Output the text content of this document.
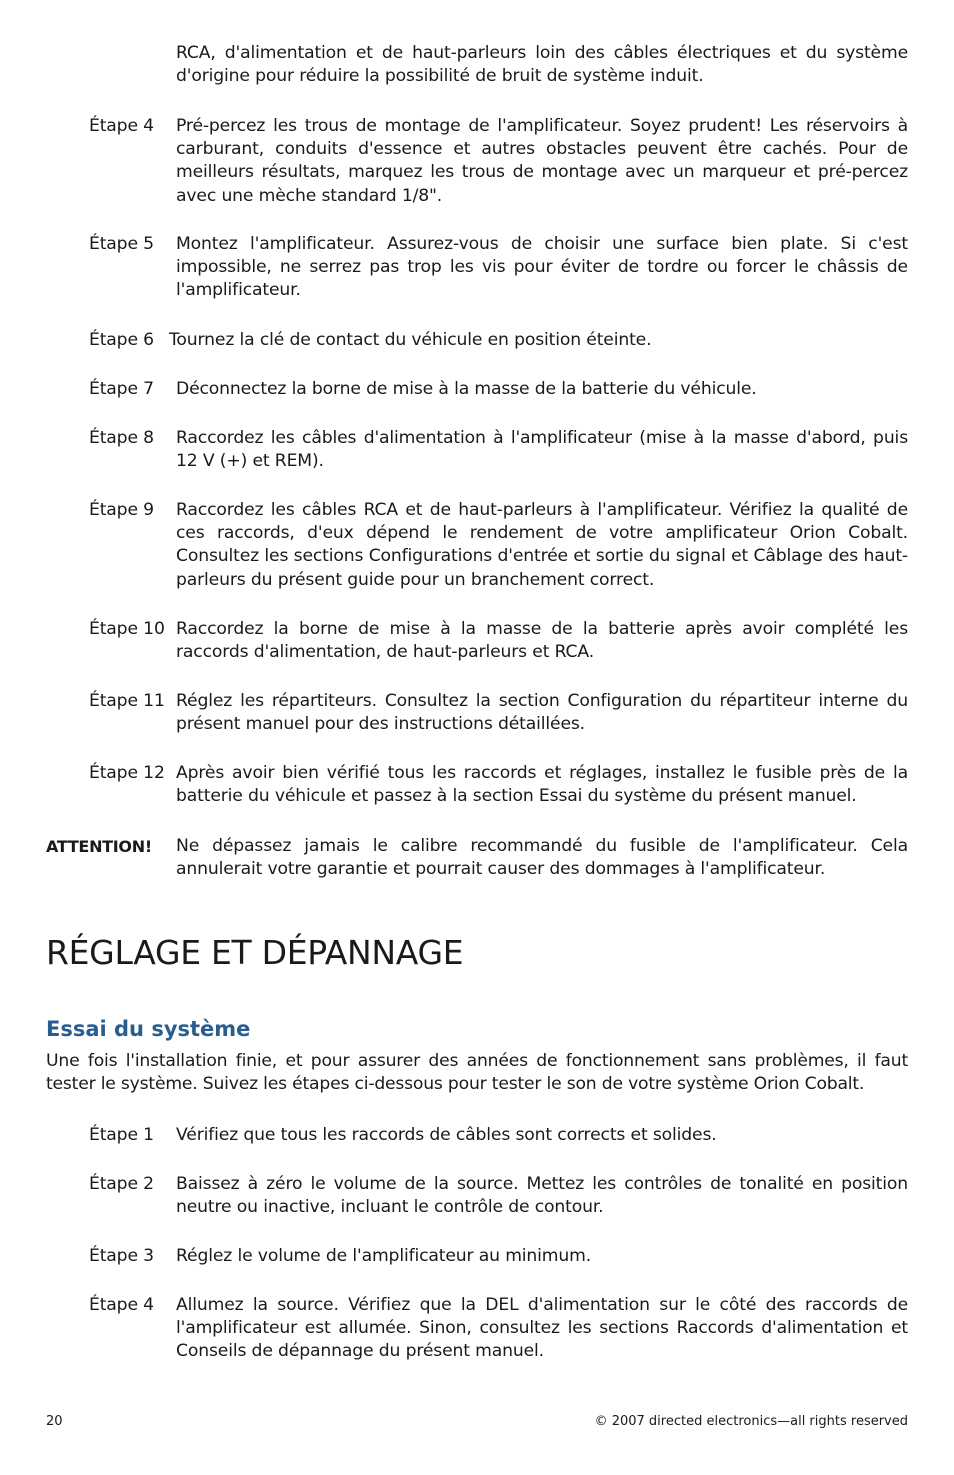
RCA, d'alimentation et de haut-parleurs loin des câbles électriques et du système d'origine pour réduire la possibilité de bruit de système induit.
Étape 4 Pré-percez les trous de montage de l'amplificateur. Soyez prudent! Les réservoirs à carburant, conduits d'essence et autres obstacles peuvent être cachés. Pour de meilleurs résultats, marquez les trous de montage avec un marqueur et pré-percez avec une mèche standard 1/8".
Étape 5 Montez l'amplificateur. Assurez-vous de choisir une surface bien plate. Si c'est impossible, ne serrez pas trop les vis pour éviter de tordre ou forcer le châssis de l'amplificateur.
Étape 6 Tournez la clé de contact du véhicule en position éteinte.
Étape 7 Déconnectez la borne de mise à la masse de la batterie du véhicule.
Étape 8 Raccordez les câbles d'alimentation à l'amplificateur (mise à la masse d'abord, puis 12 V (+) et REM).
Étape 9 Raccordez les câbles RCA et de haut-parleurs à l'amplificateur. Vérifiez la qualité de ces raccords, d'eux dépend le rendement de votre amplificateur Orion Cobalt. Consultez les sections Configurations d'entrée et sortie du signal et Câblage des haut-parleurs du présent guide pour un branchement correct.
Étape 10 Raccordez la borne de mise à la masse de la batterie après avoir complété les raccords d'alimentation, de haut-parleurs et RCA.
Étape 11 Réglez les répartiteurs. Consultez la section Configuration du répartiteur interne du présent manuel pour des instructions détaillées.
Étape 12 Après avoir bien vérifié tous les raccords et réglages, installez le fusible près de la batterie du véhicule et passez à la section Essai du système du présent manuel.
ATTENTION! Ne dépassez jamais le calibre recommandé du fusible de l'amplificateur. Cela annulerait votre garantie et pourrait causer des dommages à l'amplificateur.
RÉGLAGE ET DÉPANNAGE
Essai du système
Une fois l'installation finie, et pour assurer des années de fonctionnement sans problèmes, il faut tester le système. Suivez les étapes ci-dessous pour tester le son de votre système Orion Cobalt.
Étape 1 Vérifiez que tous les raccords de câbles sont corrects et solides.
Étape 2 Baissez à zéro le volume de la source. Mettez les contrôles de tonalité en position neutre ou inactive, incluant le contrôle de contour.
Étape 3 Réglez le volume de l'amplificateur au minimum.
Étape 4 Allumez la source. Vérifiez que la DEL d'alimentation sur le côté des raccords de l'amplificateur est allumée. Sinon, consultez les sections Raccords d'alimentation et Conseils de dépannage du présent manuel.
20	© 2007 directed electronics—all rights reserved
